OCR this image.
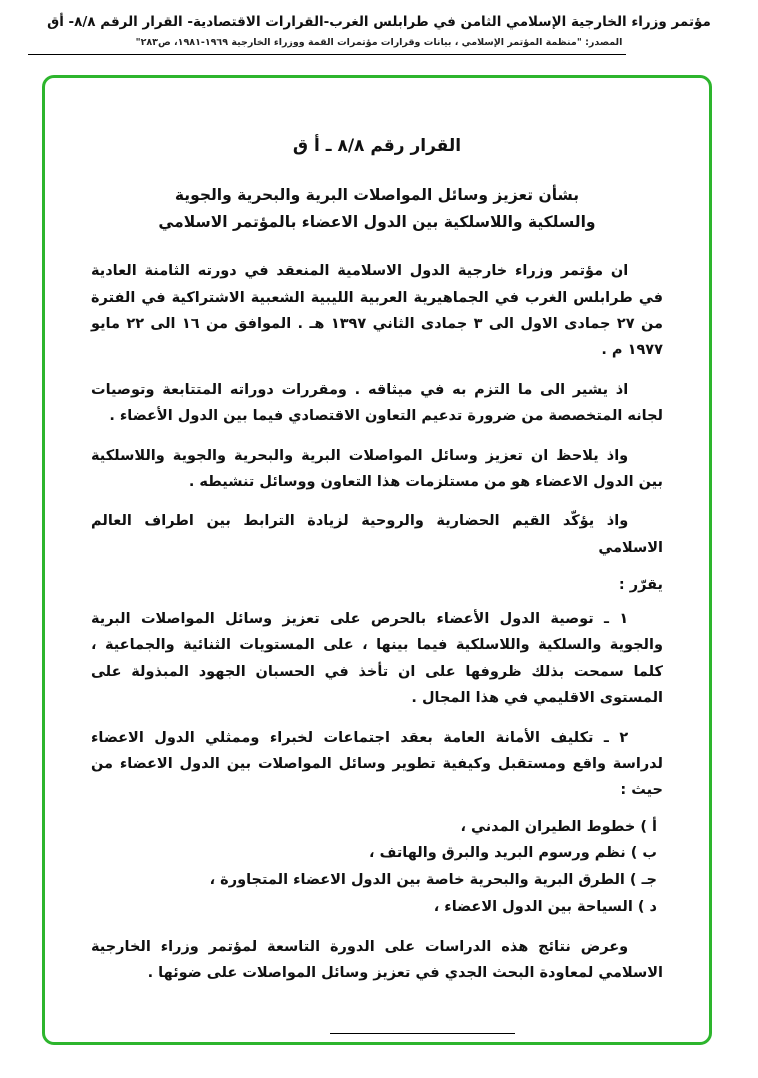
مؤتمر وزراء الخارجية الإسلامي الثامن في طرابلس الغرب-القرارات الاقتصادية- القرار الرقم ٨/٨- أق
المصدر: "منظمة المؤتمر الإسلامي ، بيانات وقرارات مؤتمرات القمة ووزراء الخارجية ١٩٦٩-١٩٨١، ص٢٨٣"
القرار رقم ٨/٨ ـ أ ق
بشأن تعزيز وسائل المواصلات البرية والبحرية والجوية
والسلكية واللاسلكية بين الدول الاعضاء بالمؤتمر الاسلامي

ان مؤتمر وزراء خارجية الدول الاسلامية المنعقد في دورته الثامنة العادية في طرابلس الغرب في الجماهيرية العربية الليبية الشعبية الاشتراكية في الفترة من ٢٧ جمادى الاول الى ٣ جمادى الثاني ١٣٩٧ هـ . الموافق من ١٦ الى ٢٢ مايو ١٩٧٧ م .

اذ يشير الى ما التزم به في ميثاقه . ومقررات دوراته المتتابعة وتوصيات لجانه المتخصصة من ضرورة تدعيم التعاون الاقتصادي فيما بين الدول الأعضاء .

واذ يلاحظ ان تعزيز وسائل المواصلات البرية والبحرية والجوية واللاسلكية بين الدول الاعضاء هو من مستلزمات هذا التعاون ووسائل تنشيطه .

واذ يؤكّد القيم الحضارية والروحية لزيادة الترابط بين اطراف العالم الاسلامي

يقرّر :

١ ـ توصية الدول الأعضاء بالحرص على تعزيز وسائل المواصلات البرية والجوية والسلكية واللاسلكية فيما بينها ، على المستويات الثنائية والجماعية ، كلما سمحت بذلك ظروفها على ان تأخذ في الحسبان الجهود المبذولة على المستوى الاقليمي في هذا المجال .

٢ ـ تكليف الأمانة العامة بعقد اجتماعات لخبراء وممثلي الدول الاعضاء لدراسة واقع ومستقبل وكيفية تطوير وسائل المواصلات بين الدول الاعضاء من حيث :

أ ) خطوط الطيران المدني ،

ب ) نظم ورسوم البريد والبرق والهاتف ،

جـ ) الطرق البرية والبحرية خاصة بين الدول الاعضاء المتجاورة ،

د ) السياحة بين الدول الاعضاء ،

وعرض نتائج هذه الدراسات على الدورة التاسعة لمؤتمر وزراء الخارجية الاسلامي لمعاودة البحث الجدي في تعزيز وسائل المواصلات على ضوئها .
